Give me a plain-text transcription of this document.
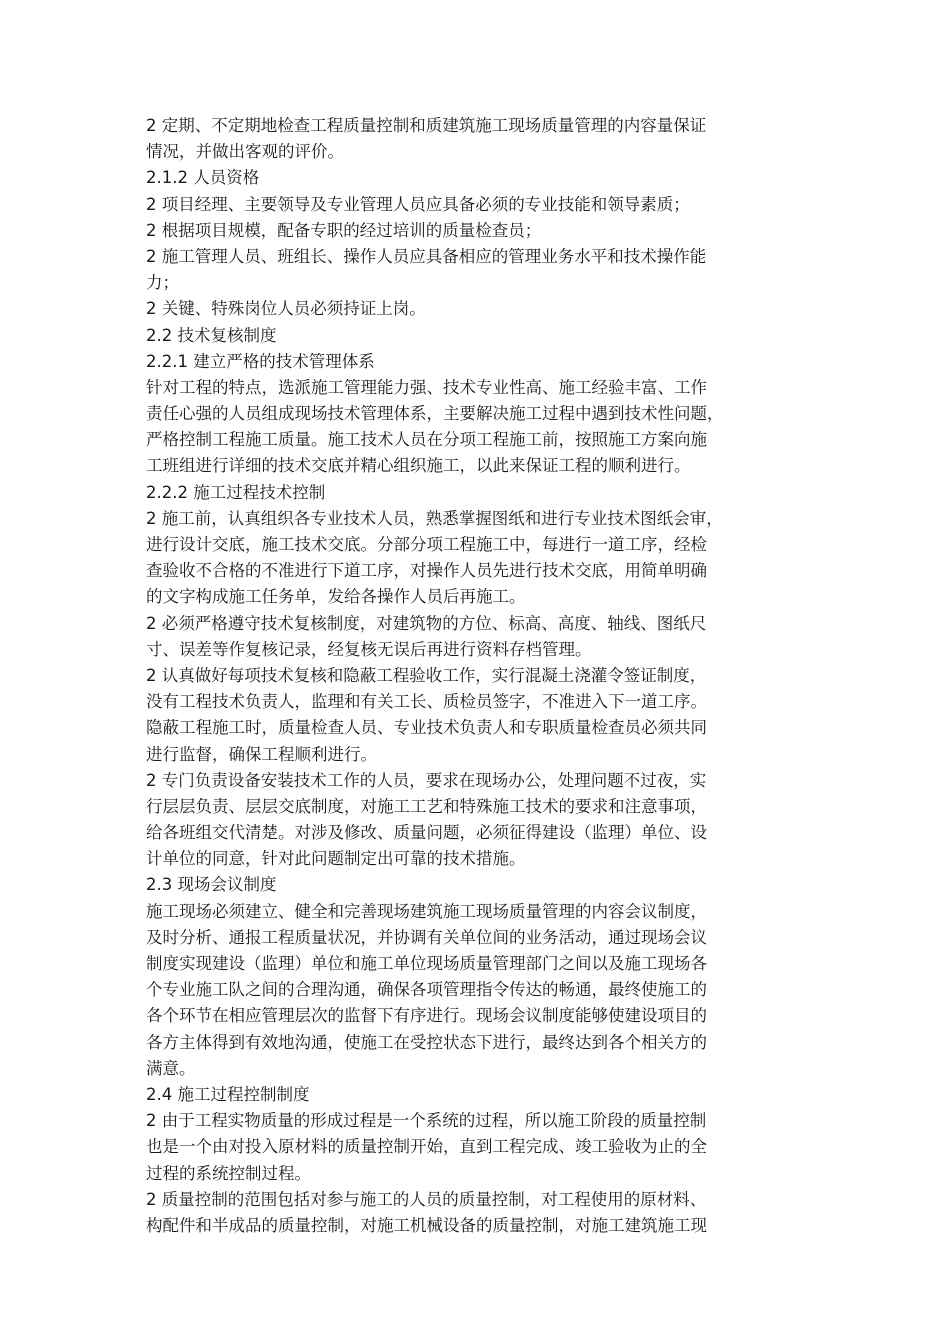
2 定期、不定期地检查工程质量控制和质建筑施工现场质量管理的内容量保证
情况，并做出客观的评价。
2.1.2 人员资格
2 项目经理、主要领导及专业管理人员应具备必须的专业技能和领导素质；
2 根据项目规模，配备专职的经过培训的质量检查员；
2 施工管理人员、班组长、操作人员应具备相应的管理业务水平和技术操作能
力；
2 关键、特殊岗位人员必须持证上岗。
2.2 技术复核制度
2.2.1 建立严格的技术管理体系
针对工程的特点，选派施工管理能力强、技术专业性高、施工经验丰富、工作
责任心强的人员组成现场技术管理体系，主要解决施工过程中遇到技术性问题，
严格控制工程施工质量。施工技术人员在分项工程施工前，按照施工方案向施
工班组进行详细的技术交底并精心组织施工，以此来保证工程的顺利进行。
2.2.2 施工过程技术控制
2 施工前，认真组织各专业技术人员，熟悉掌握图纸和进行专业技术图纸会审，
进行设计交底，施工技术交底。分部分项工程施工中，每进行一道工序，经检
查验收不合格的不准进行下道工序，对操作人员先进行技术交底，用简单明确
的文字构成施工任务单，发给各操作人员后再施工。
2 必须严格遵守技术复核制度，对建筑物的方位、标高、高度、轴线、图纸尺
寸、误差等作复核记录，经复核无误后再进行资料存档管理。
2 认真做好每项技术复核和隐蔽工程验收工作，实行混凝土浇灌令签证制度，
没有工程技术负责人，监理和有关工长、质检员签字，不准进入下一道工序。
隐蔽工程施工时，质量检查人员、专业技术负责人和专职质量检查员必须共同
进行监督，确保工程顺利进行。
2 专门负责设备安装技术工作的人员，要求在现场办公，处理问题不过夜，实
行层层负责、层层交底制度，对施工工艺和特殊施工技术的要求和注意事项，
给各班组交代清楚。对涉及修改、质量问题，必须征得建设（监理）单位、设
计单位的同意，针对此问题制定出可靠的技术措施。
2.3 现场会议制度
施工现场必须建立、健全和完善现场建筑施工现场质量管理的内容会议制度，
及时分析、通报工程质量状况，并协调有关单位间的业务活动，通过现场会议
制度实现建设（监理）单位和施工单位现场质量管理部门之间以及施工现场各
个专业施工队之间的合理沟通，确保各项管理指令传达的畅通，最终使施工的
各个环节在相应管理层次的监督下有序进行。现场会议制度能够使建设项目的
各方主体得到有效地沟通，使施工在受控状态下进行，最终达到各个相关方的
满意。
2.4 施工过程控制制度
2 由于工程实物质量的形成过程是一个系统的过程，所以施工阶段的质量控制
也是一个由对投入原材料的质量控制开始，直到工程完成、竣工验收为止的全
过程的系统控制过程。
2 质量控制的范围包括对参与施工的人员的质量控制，对工程使用的原材料、
构配件和半成品的质量控制，对施工机械设备的质量控制，对施工建筑施工现
